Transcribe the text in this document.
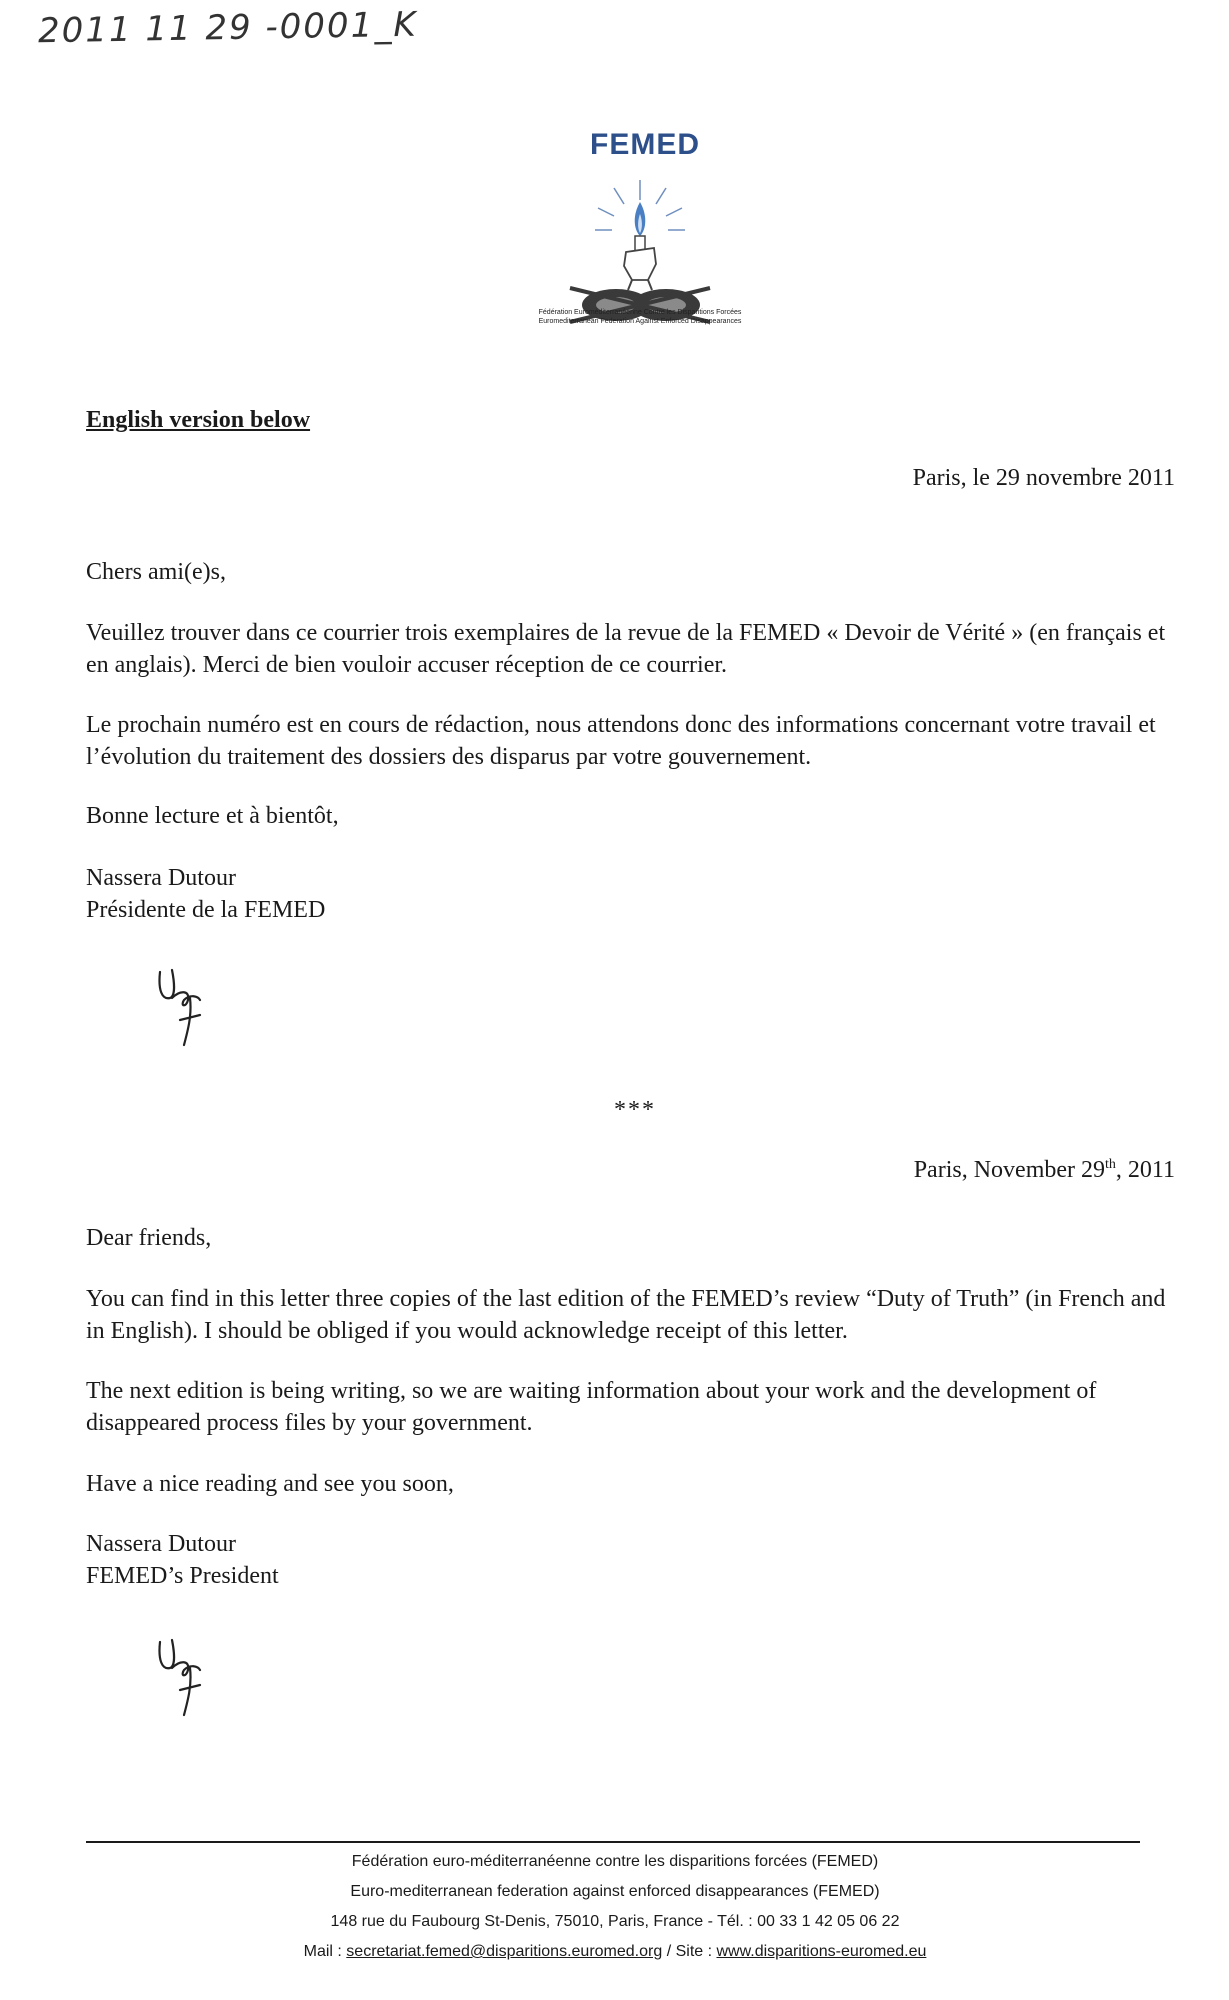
2011 11 29 -0001_K
FEMED
Fédération Euroméditerranéenne Contre les Disparitions Forcées
Euromediterranean Federation Against Enforced Disappearances
English version below
Paris, le 29 novembre 2011
Chers ami(e)s,
Veuillez trouver dans ce courrier trois exemplaires de la revue de la FEMED « Devoir de Vérité » (en français et en anglais). Merci de bien vouloir accuser réception de ce courrier.
Le prochain numéro est en cours de rédaction, nous attendons donc des informations concernant votre travail et l’évolution du traitement des dossiers des disparus par votre gouvernement.
Bonne lecture et à bientôt,
Nassera Dutour
Présidente de la FEMED
***
Paris, November 29th, 2011
Dear friends,
You can find in this letter three copies of the last edition of the FEMED’s review “Duty of Truth” (in French and in English). I should be obliged if you would acknowledge receipt of this letter.
The next edition is being writing, so we are waiting information about your work and the development of disappeared process files by your government.
Have a nice reading and see you soon,
Nassera Dutour
FEMED’s President
Fédération euro-méditerranéenne contre les disparitions forcées (FEMED)
Euro-mediterranean federation against enforced disappearances (FEMED)
148 rue du Faubourg St-Denis, 75010, Paris, France - Tél. : 00 33 1 42 05 06 22
Mail : secretariat.femed@disparitions.euromed.org / Site : www.disparitions-euromed.eu
